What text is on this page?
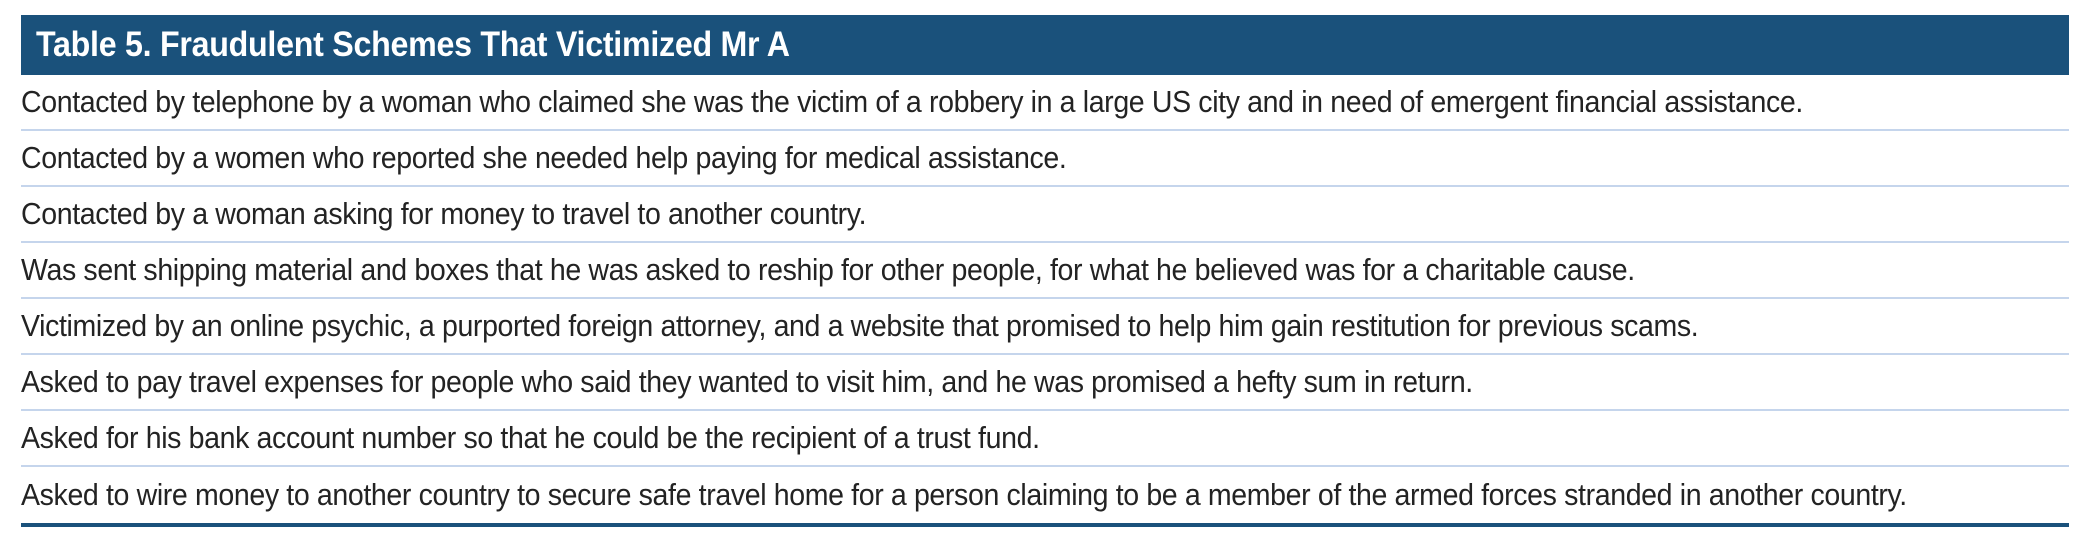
Table 5. Fraudulent Schemes That Victimized Mr A
Contacted by telephone by a woman who claimed she was the victim of a robbery in a large US city and in need of emergent financial assistance.
Contacted by a women who reported she needed help paying for medical assistance.
Contacted by a woman asking for money to travel to another country.
Was sent shipping material and boxes that he was asked to reship for other people, for what he believed was for a charitable cause.
Victimized by an online psychic, a purported foreign attorney, and a website that promised to help him gain restitution for previous scams.
Asked to pay travel expenses for people who said they wanted to visit him, and he was promised a hefty sum in return.
Asked for his bank account number so that he could be the recipient of a trust fund.
Asked to wire money to another country to secure safe travel home for a person claiming to be a member of the armed forces stranded in another country.
